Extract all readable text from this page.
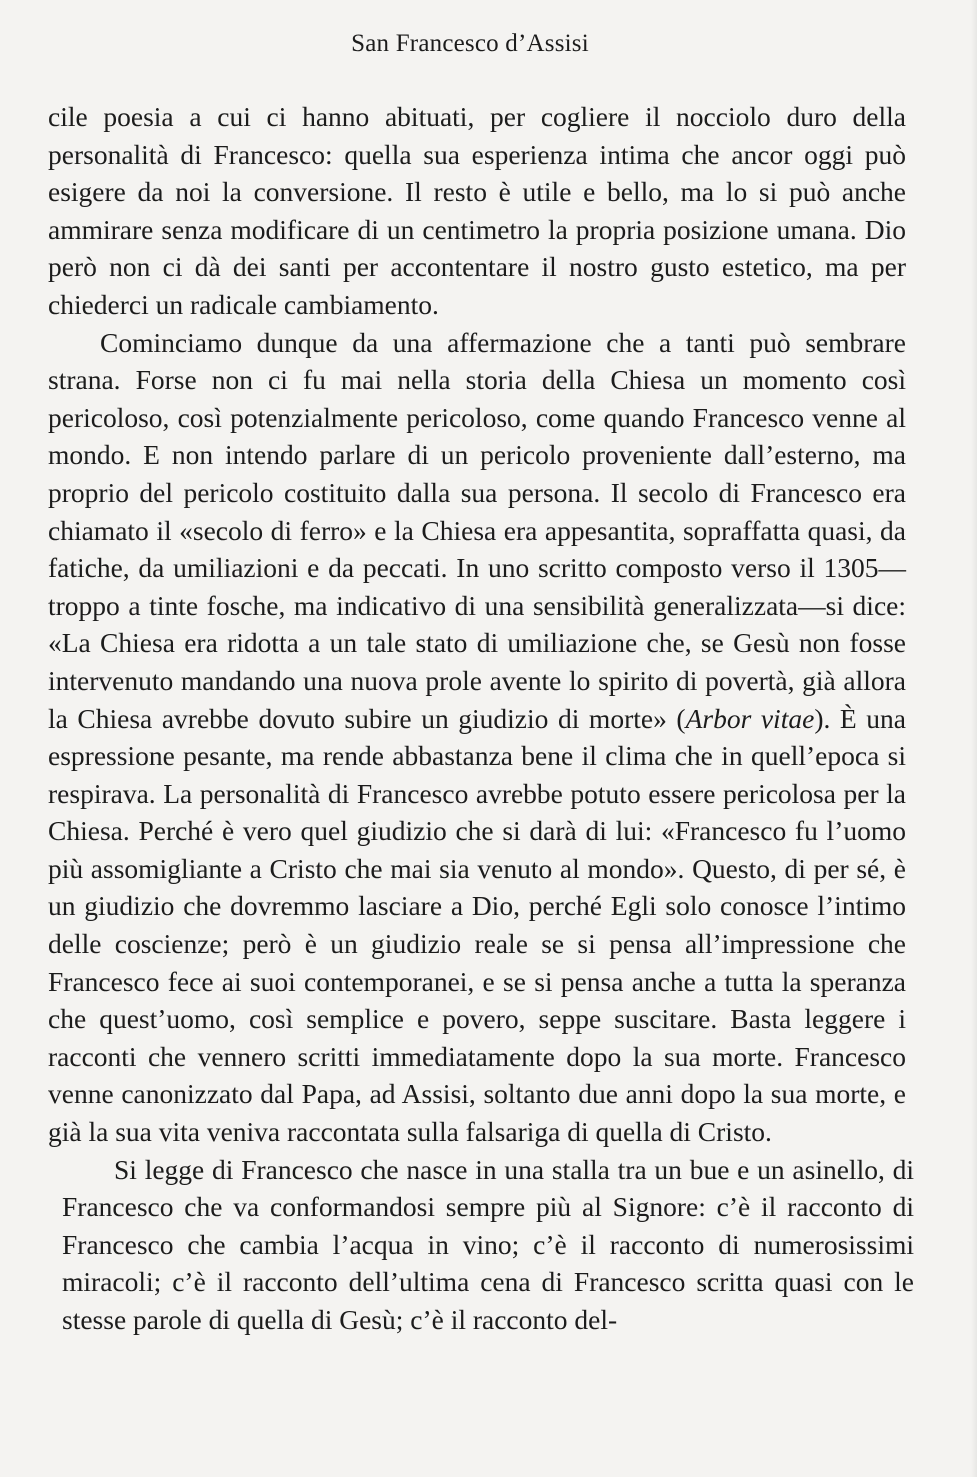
San Francesco d’Assisi

cile poesia a cui ci hanno abituati, per cogliere il nocciolo duro della personalità di Francesco: quella sua esperienza intima che ancor oggi può esigere da noi la conversione. Il resto è utile e bello, ma lo si può anche ammirare senza modificare di un centimetro la propria posizione umana. Dio però non ci dà dei santi per accontentare il nostro gusto estetico, ma per chiederci un radicale cambiamento.

Cominciamo dunque da una affermazione che a tanti può sembrare strana. Forse non ci fu mai nella storia della Chiesa un momento così pericoloso, così potenzialmente pericoloso, come quando Francesco venne al mondo. E non intendo parlare di un pericolo proveniente dall’esterno, ma proprio del pericolo costituito dalla sua persona. Il secolo di Francesco era chiamato il «secolo di ferro» e la Chiesa era appesantita, sopraffatta quasi, da fatiche, da umiliazioni e da peccati. In uno scritto composto verso il 1305—troppo a tinte fosche, ma indicativo di una sensibilità generalizzata—si dice: «La Chiesa era ridotta a un tale stato di umiliazione che, se Gesù non fosse intervenuto mandando una nuova prole avente lo spirito di povertà, già allora la Chiesa avrebbe dovuto subire un giudizio di morte» (Arbor vitae). È una espressione pesante, ma rende abbastanza bene il clima che in quell’epoca si respirava. La personalità di Francesco avrebbe potuto essere pericolosa per la Chiesa. Perché è vero quel giudizio che si darà di lui: «Francesco fu l’uomo più assomigliante a Cristo che mai sia venuto al mondo». Questo, di per sé, è un giudizio che dovremmo lasciare a Dio, perché Egli solo conosce l’intimo delle coscienze; però è un giudizio reale se si pensa all’impressione che Francesco fece ai suoi contemporanei, e se si pensa anche a tutta la speranza che quest’uomo, così semplice e povero, seppe suscitare. Basta leggere i racconti che vennero scritti immediatamente dopo la sua morte. Francesco venne canonizzato dal Papa, ad Assisi, soltanto due anni dopo la sua morte, e già la sua vita veniva raccontata sulla falsariga di quella di Cristo.

Si legge di Francesco che nasce in una stalla tra un bue e un asinello, di Francesco che va conformandosi sempre più al Signore: c’è il racconto di Francesco che cambia l’acqua in vino; c’è il racconto di numerosissimi miracoli; c’è il racconto dell’ultima cena di Francesco scritta quasi con le stesse parole di quella di Gesù; c’è il racconto del-
